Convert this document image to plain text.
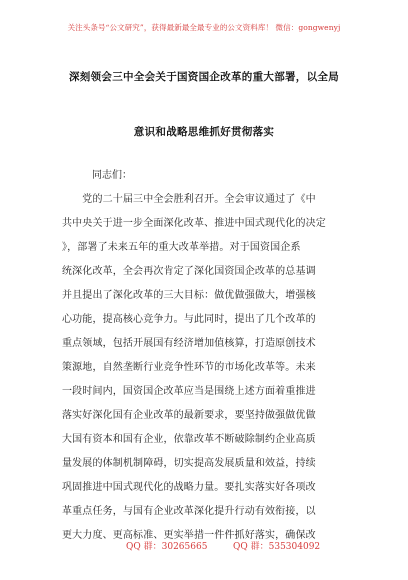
关注头条号“公文研究”，获得最新最全最专业的公文资料库！ 微信：gongwenyj
深刻领会三中全会关于国资国企改革的重大部署，以全局
意识和战略思维抓好贯彻落实
同志们：
　　党的二十届三中全会胜利召开。全会审议通过了《中
共中央关于进一步全面深化改革、推进中国式现代化的决定
》，部署了未来五年的重大改革举措。对于国资国企系
统深化改革，全会再次肯定了深化国资国企改革的总基调
并且提出了深化改革的三大目标：做优做强做大，增强核
心功能，提高核心竞争力。与此同时，提出了几个改革的
重点领域，包括开展国有经济增加值核算，打造原创技术
策源地，自然垄断行业竞争性环节的市场化改革等。未来
一段时间内，国资国企改革应当是围绕上述方面着重推进
落实好深化国有企业改革的最新要求，要坚持做强做优做
大国有资本和国有企业，依靠改革不断破除制约企业高质
量发展的体制机制障碍，切实提高发展质量和效益，持续
巩固推进中国式现代化的战略力量。要扎实落实好各项改
革重点任务，与国有企业改革深化提升行动有效衔接，以
更大力度、更高标准、更实举措一件件抓好落实，确保改
QQ 群：30265665	QQ 群：535304092
